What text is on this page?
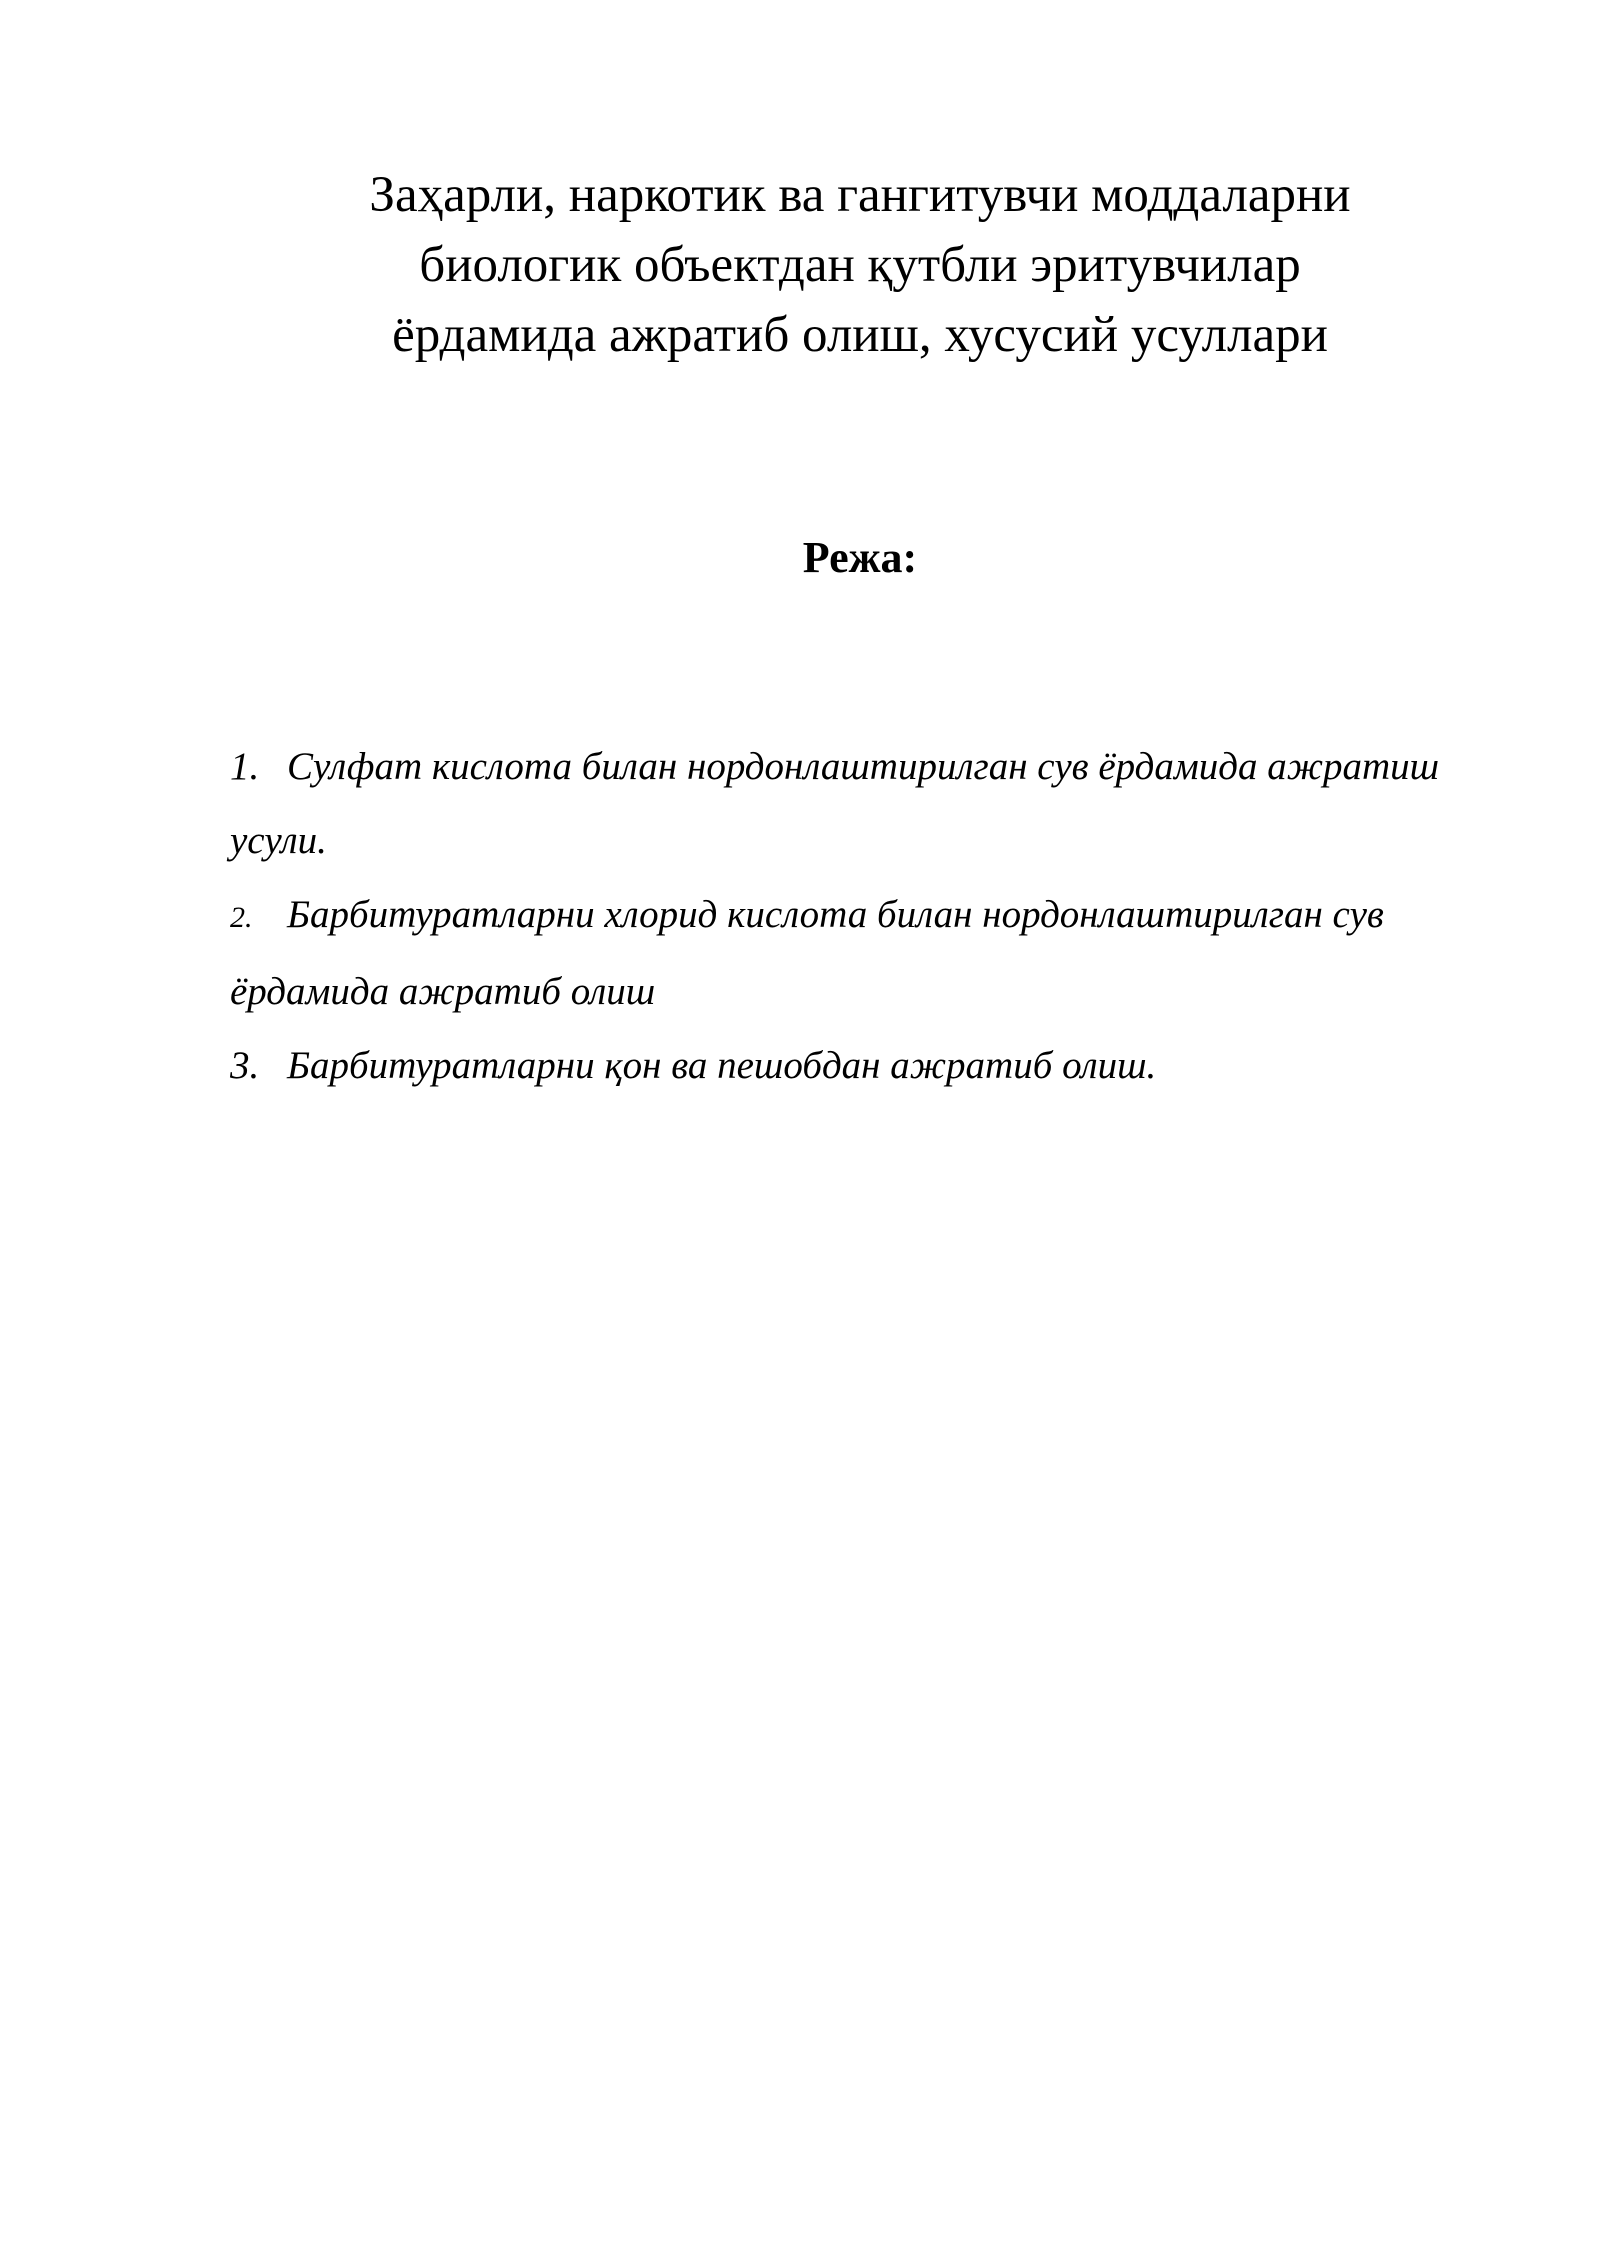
Заҳарли, наркотик ва гангитувчи моддаларни
биологик объектдан қутбли эритувчилар
ёрдамида ажратиб олиш, хусусий усуллари
Режа:
1. Сулфат кислота билан нордонлаштирилган сув ёрдамида ажратиш усули.
2. Барбитуратларни хлорид кислота билан нордонлаштирилган сув ёрдамида ажратиб олиш
3. Барбитуратларни қон ва пешобдан ажратиб олиш.
